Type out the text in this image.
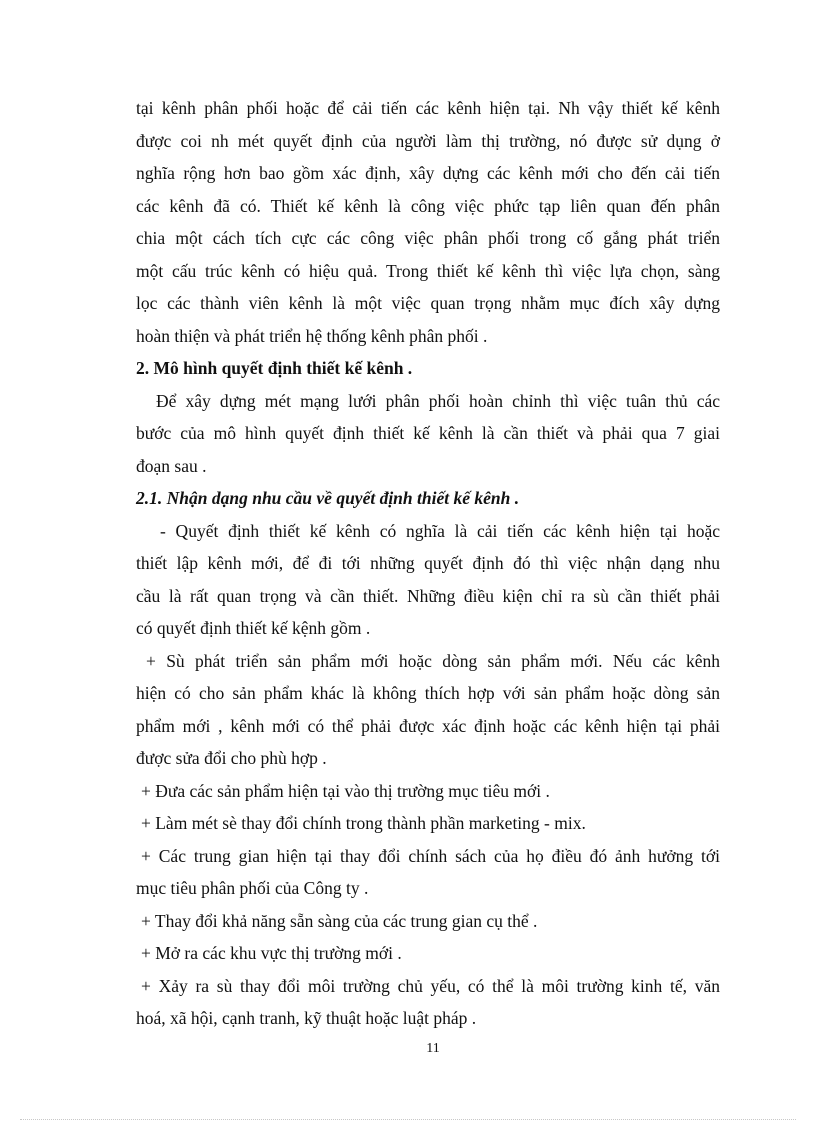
tại kênh phân phối hoặc để cải tiến các kênh hiện tại. Nh vậy thiết kế kênh
được coi nh mét quyết định của người làm thị trường, nó được sử dụng ở
nghĩa rộng hơn bao gồm xác định, xây dựng các kênh mới cho đến cải tiến
các kênh đã có. Thiết kế kênh là công việc phức tạp liên quan đến phân
chia một cách tích cực các công việc phân phối trong cố gắng phát triển
một cấu trúc kênh có hiệu quả. Trong thiết kế kênh thì việc lựa chọn, sàng
lọc các thành viên kênh là một việc quan trọng nhằm mục đích xây dựng
hoàn thiện và phát triển hệ thống kênh phân phối .
2. Mô hình quyết định thiết kế kênh .
Để xây dựng mét mạng lưới phân phối hoàn chỉnh thì việc tuân thủ các
bước của mô hình quyết định thiết kế kênh là cần thiết và phải qua 7 giai
đoạn sau .
2.1. Nhận dạng nhu cầu về quyết định thiết kế kênh .
- Quyết định thiết kế kênh có nghĩa là cải tiến các kênh hiện tại hoặc
thiết lập kênh mới, để đi tới những quyết định đó thì việc nhận dạng nhu
cầu là rất quan trọng và cần thiết. Những điều kiện chỉ ra sù cần thiết phải
có quyết định thiết kế kệnh gồm .
+ Sù phát triển sản phẩm mới hoặc dòng sản phẩm mới. Nếu các kênh
hiện có cho sản phẩm khác là không thích hợp với sản phẩm hoặc dòng sản
phẩm mới , kênh mới có thể phải được xác định hoặc các kênh hiện tại phải
được sửa đổi cho phù hợp .
+ Đưa các sản phẩm hiện tại vào thị trường mục tiêu mới .
+ Làm mét sè thay đổi chính trong thành phần marketing - mix.
+ Các trung gian hiện tại thay đổi chính sách của họ điều đó ảnh hưởng tới
mục tiêu phân phối của Công ty .
+ Thay đổi khả năng sẵn sàng của các trung gian cụ thể .
+ Mở ra các khu vực thị trường mới .
+ Xảy ra sù thay đổi môi trường chủ yếu, có thể là môi trường kinh tế, văn
hoá, xã hội, cạnh tranh, kỹ thuật hoặc luật pháp .
11
